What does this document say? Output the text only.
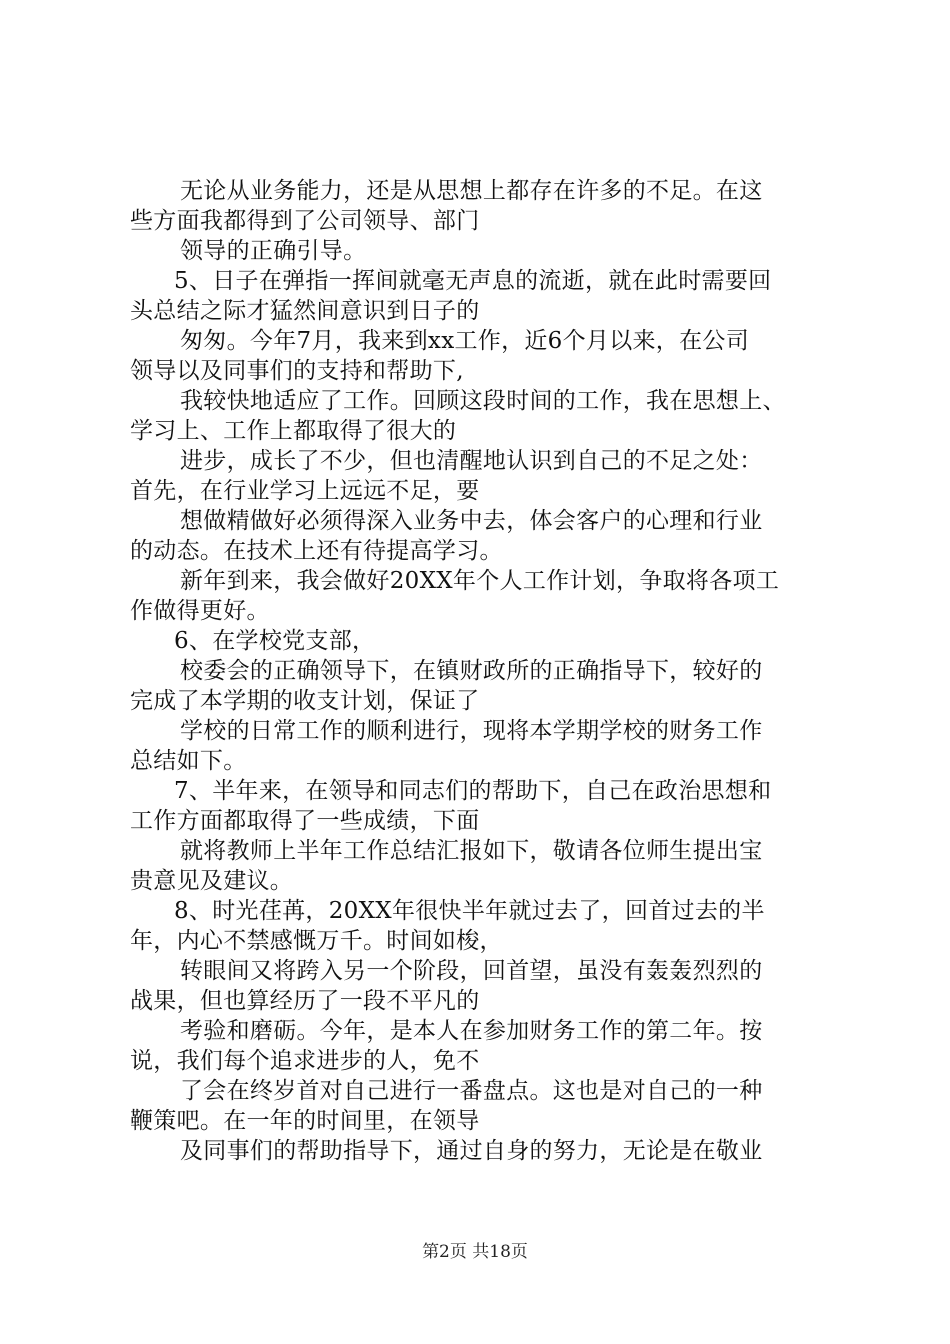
无论从业务能力，还是从思想上都存在许多的不足。在这
些方面我都得到了公司领导、部门
领导的正确引导。
5、日子在弹指一挥间就毫无声息的流逝，就在此时需要回
头总结之际才猛然间意识到日子的
匆匆。今年7月，我来到xx工作，近6个月以来，在公司
领导以及同事们的支持和帮助下,
我较快地适应了工作。回顾这段时间的工作，我在思想上、
学习上、工作上都取得了很大的
进步，成长了不少，但也清醒地认识到自己的不足之处：
首先，在行业学习上远远不足，要
想做精做好必须得深入业务中去，体会客户的心理和行业
的动态。在技术上还有待提高学习。
新年到来，我会做好20XX年个人工作计划，争取将各项工
作做得更好。
6、在学校党支部，
校委会的正确领导下，在镇财政所的正确指导下，较好的
完成了本学期的收支计划，保证了
学校的日常工作的顺利进行，现将本学期学校的财务工作
总结如下。
7、半年来，在领导和同志们的帮助下，自己在政治思想和
工作方面都取得了一些成绩，下面
就将教师上半年工作总结汇报如下，敬请各位师生提出宝
贵意见及建议。
8、时光荏苒，20XX年很快半年就过去了，回首过去的半
年，内心不禁感慨万千。时间如梭，
转眼间又将跨入另一个阶段，回首望，虽没有轰轰烈烈的
战果，但也算经历了一段不平凡的
考验和磨砺。今年，是本人在参加财务工作的第二年。按
说，我们每个追求进步的人，免不
了会在终岁首对自己进行一番盘点。这也是对自己的一种
鞭策吧。在一年的时间里，在领导
及同事们的帮助指导下，通过自身的努力，无论是在敬业
第2页 共18页
